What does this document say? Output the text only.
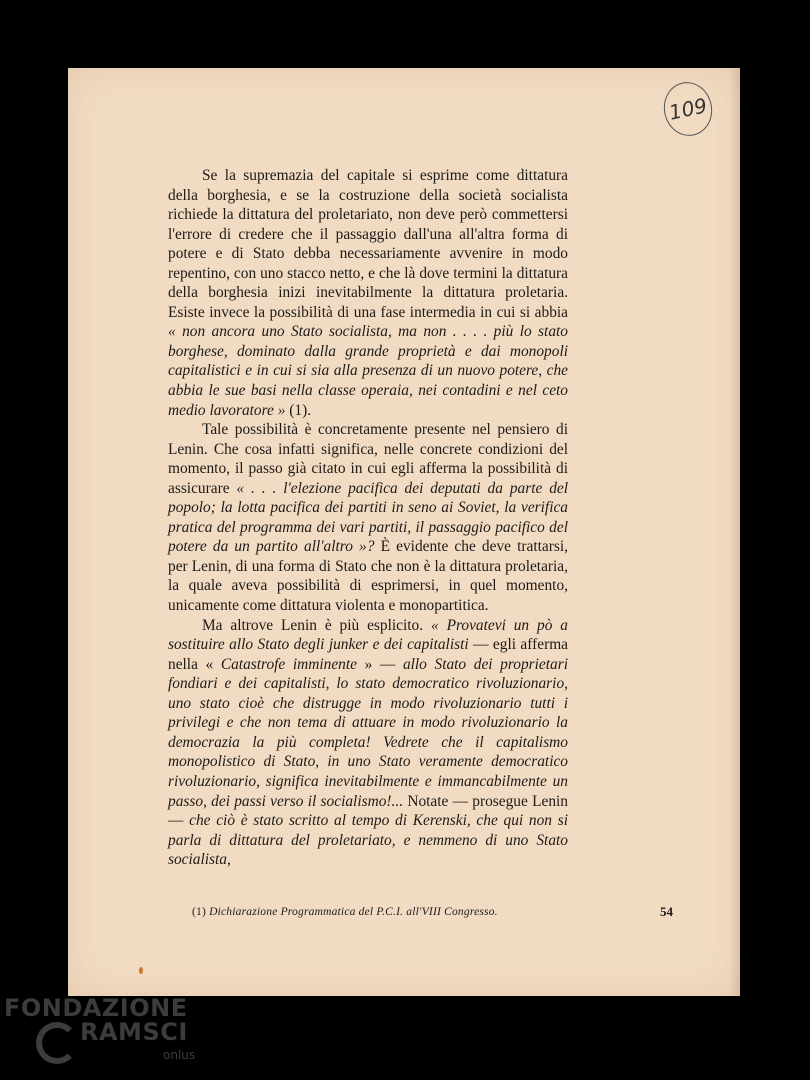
109

Se la supremazia del capitale si esprime come dittatura della borghesia, e se la costruzione della società socialista richiede la dittatura del proletariato, non deve però commettersi l'errore di credere che il passaggio dall'una all'altra forma di potere e di Stato debba necessariamente avvenire in modo repentino, con uno stacco netto, e che là dove termini la dittatura della borghesia inizi inevitabilmente la dittatura proletaria. Esiste invece la possibilità di una fase intermedia in cui si abbia « non ancora uno Stato socialista, ma non . . . . più lo stato borghese, dominato dalla grande proprietà e dai monopoli capitalistici e in cui si sia alla presenza di un nuovo potere, che abbia le sue basi nella classe operaia, nei contadini e nel ceto medio lavoratore » (1).

Tale possibilità è concretamente presente nel pensiero di Lenin. Che cosa infatti significa, nelle concrete condizioni del momento, il passo già citato in cui egli afferma la possibilità di assicurare « . . . l'elezione pacifica dei deputati da parte del popolo; la lotta pacifica dei partiti in seno ai Soviet, la verifica pratica del programma dei vari partiti, il passaggio pacifico del potere da un partito all'altro »? È evidente che deve trattarsi, per Lenin, di una forma di Stato che non è la dittatura proletaria, la quale aveva possibilità di esprimersi, in quel momento, unicamente come dittatura violenta e monopartitica.

Ma altrove Lenin è più esplicito. « Provatevi un pò a sostituire allo Stato degli junker e dei capitalisti — egli afferma nella « Catastrofe imminente » — allo Stato dei proprietari fondiari e dei capitalisti, lo stato democratico rivoluzionario, uno stato cioè che distrugge in modo rivoluzionario tutti i privilegi e che non tema di attuare in modo rivoluzionario la democrazia la più completa! Vedrete che il capitalismo monopolistico di Stato, in uno Stato veramente democratico rivoluzionario, significa inevitabilmente e immancabilmente un passo, dei passi verso il socialismo!... Notate — prosegue Lenin — che ciò è stato scritto al tempo di Kerenski, che qui non si parla di dittatura del proletariato, e nemmeno di uno Stato socialista,

(1) Dichiarazione Programmatica del P.C.I. all'VIII Congresso.	54
FONDAZIONE
RAMSCI
onlus
